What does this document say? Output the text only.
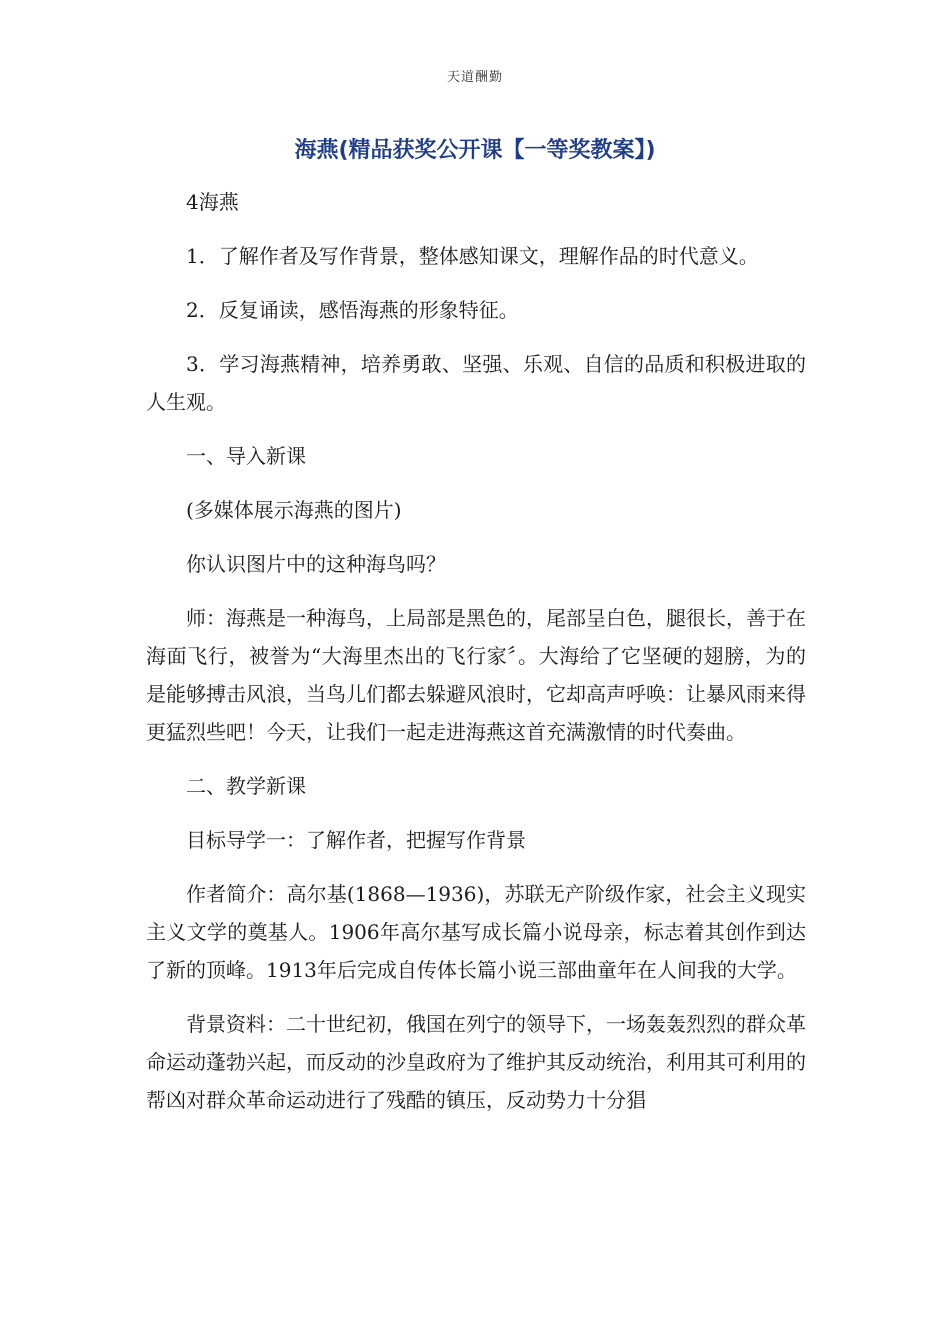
天道酬勤
海燕(精品获奖公开课【一等奖教案】)

4海燕

1．了解作者及写作背景，整体感知课文，理解作品的时代意义。

2．反复诵读，感悟海燕的形象特征。

3．学习海燕精神，培养勇敢、坚强、乐观、自信的品质和积极进取的人生观。

一、导入新课

(多媒体展示海燕的图片)

你认识图片中的这种海鸟吗？

师：海燕是一种海鸟，上局部是黑色的，尾部呈白色，腿很长，善于在海面飞行，被誉为“大海里杰出的飞行家〞。大海给了它坚硬的翅膀，为的是能够搏击风浪，当鸟儿们都去躲避风浪时，它却高声呼唤：让暴风雨来得更猛烈些吧！今天，让我们一起走进海燕这首充满激情的时代奏曲。

二、教学新课

目标导学一：了解作者，把握写作背景

作者简介：高尔基(1868—1936)，苏联无产阶级作家，社会主义现实主义文学的奠基人。1906年高尔基写成长篇小说母亲，标志着其创作到达了新的顶峰。1913年后完成自传体长篇小说三部曲童年在人间我的大学。

背景资料：二十世纪初，俄国在列宁的领导下，一场轰轰烈烈的群众革命运动蓬勃兴起，而反动的沙皇政府为了维护其反动统治，利用其可利用的帮凶对群众革命运动进行了残酷的镇压，反动势力十分猖
